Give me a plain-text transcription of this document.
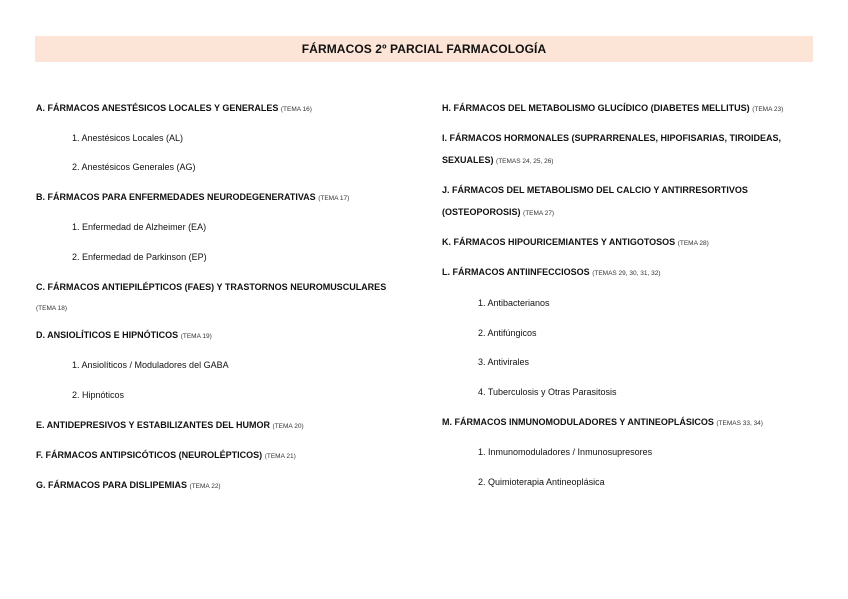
FÁRMACOS 2º PARCIAL FARMACOLOGÍA
A. FÁRMACOS ANESTÉSICOS LOCALES Y GENERALES (TEMA 16)
1. Anestésicos Locales (AL)
2. Anestésicos Generales (AG)
B. FÁRMACOS PARA ENFERMEDADES NEURODEGENERATIVAS (TEMA 17)
1. Enfermedad de Alzheimer (EA)
2. Enfermedad de Parkinson (EP)
C. FÁRMACOS ANTIEPILÉPTICOS (FAES) Y TRASTORNOS NEUROMUSCULARES
(TEMA 18)
D. ANSIOLÍTICOS E HIPNÓTICOS (TEMA 19)
1. Ansiolíticos / Moduladores del GABA
2. Hipnóticos
E. ANTIDEPRESIVOS Y ESTABILIZANTES DEL HUMOR (TEMA 20)
F. FÁRMACOS ANTIPSICÓTICOS (NEUROLÉPTICOS) (TEMA 21)
G. FÁRMACOS PARA DISLIPEMIAS (TEMA 22)
H. FÁRMACOS DEL METABOLISMO GLUCÍDICO (DIABETES MELLITUS) (TEMA 23)
I. FÁRMACOS HORMONALES (SUPRARRENALES, HIPOFISARIAS, TIROIDEAS,
SEXUALES) (TEMAS 24, 25, 26)
J. FÁRMACOS DEL METABOLISMO DEL CALCIO Y ANTIRRESORTIVOS
(OSTEOPOROSIS) (TEMA 27)
K. FÁRMACOS HIPOURICEMIANTES Y ANTIGOTOSOS (TEMA 28)
L. FÁRMACOS ANTIINFECCIOSOS (TEMAS 29, 30, 31, 32)
1. Antibacterianos
2. Antifúngicos
3. Antivirales
4. Tuberculosis y Otras Parasitosis
M. FÁRMACOS INMUNOMODULADORES Y ANTINEOPLÁSICOS (TEMAS 33, 34)
1. Inmunomoduladores / Inmunosupresores
2. Quimioterapia Antineoplásica
